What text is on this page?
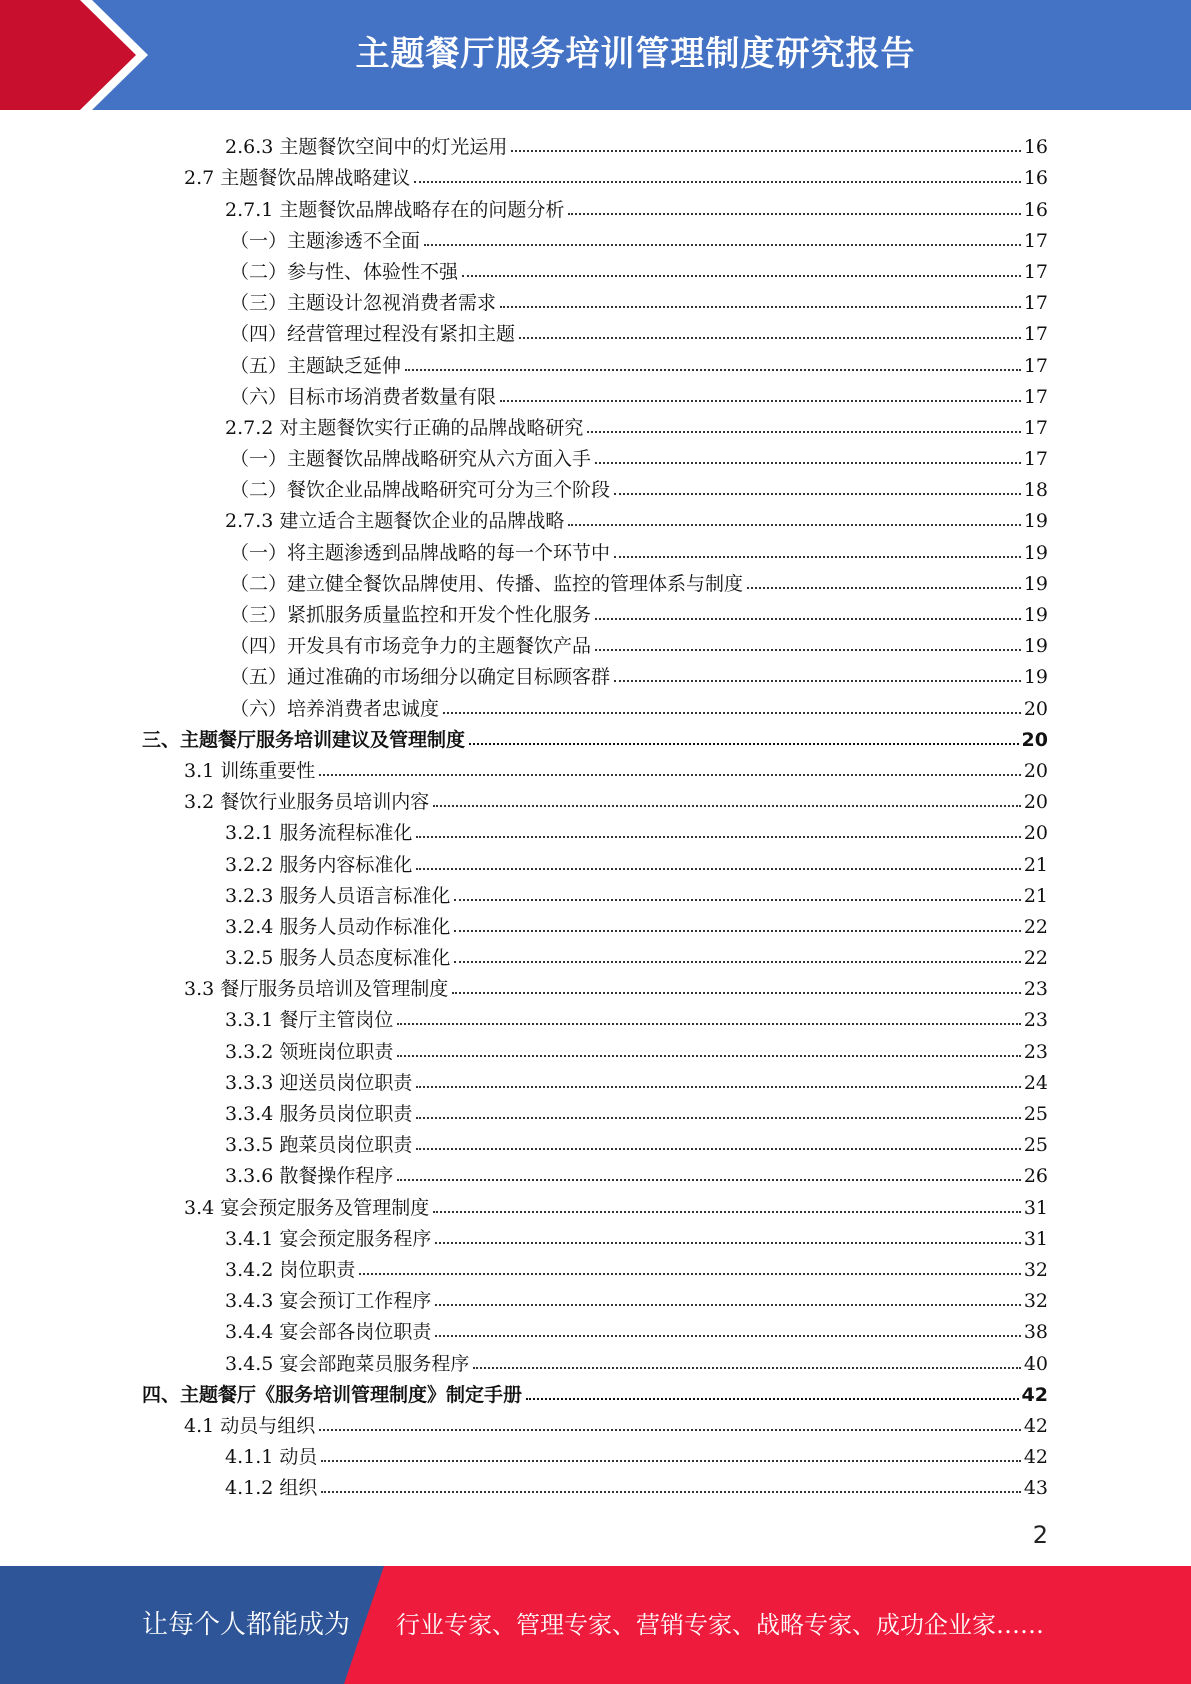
主题餐厅服务培训管理制度研究报告
2.6.3 主题餐饮空间中的灯光运用	16
2.7 主题餐饮品牌战略建议	16
2.7.1 主题餐饮品牌战略存在的问题分析	16
（一）主题渗透不全面	17
（二）参与性、体验性不强	17
（三）主题设计忽视消费者需求	17
（四）经营管理过程没有紧扣主题	17
（五）主题缺乏延伸	17
（六）目标市场消费者数量有限	17
2.7.2 对主题餐饮实行正确的品牌战略研究	17
（一）主题餐饮品牌战略研究从六方面入手	17
（二）餐饮企业品牌战略研究可分为三个阶段	18
2.7.3 建立适合主题餐饮企业的品牌战略	19
（一）将主题渗透到品牌战略的每一个环节中	19
（二）建立健全餐饮品牌使用、传播、监控的管理体系与制度	19
（三）紧抓服务质量监控和开发个性化服务	19
（四）开发具有市场竞争力的主题餐饮产品	19
（五）通过准确的市场细分以确定目标顾客群	19
（六）培养消费者忠诚度	20
三、主题餐厅服务培训建议及管理制度	20
3.1 训练重要性	20
3.2 餐饮行业服务员培训内容	20
3.2.1 服务流程标准化	20
3.2.2 服务内容标准化	21
3.2.3 服务人员语言标准化	21
3.2.4 服务人员动作标准化	22
3.2.5 服务人员态度标准化	22
3.3 餐厅服务员培训及管理制度	23
3.3.1 餐厅主管岗位	23
3.3.2 领班岗位职责	23
3.3.3 迎送员岗位职责	24
3.3.4 服务员岗位职责	25
3.3.5 跑菜员岗位职责	25
3.3.6 散餐操作程序	26
3.4 宴会预定服务及管理制度	31
3.4.1 宴会预定服务程序	31
3.4.2 岗位职责	32
3.4.3 宴会预订工作程序	32
3.4.4 宴会部各岗位职责	38
3.4.5 宴会部跑菜员服务程序	40
四、主题餐厅《服务培训管理制度》制定手册	42
4.1 动员与组织	42
4.1.1 动员	42
4.1.2 组织	43
2
让每个人都能成为 行业专家、管理专家、营销专家、战略专家、成功企业家……
